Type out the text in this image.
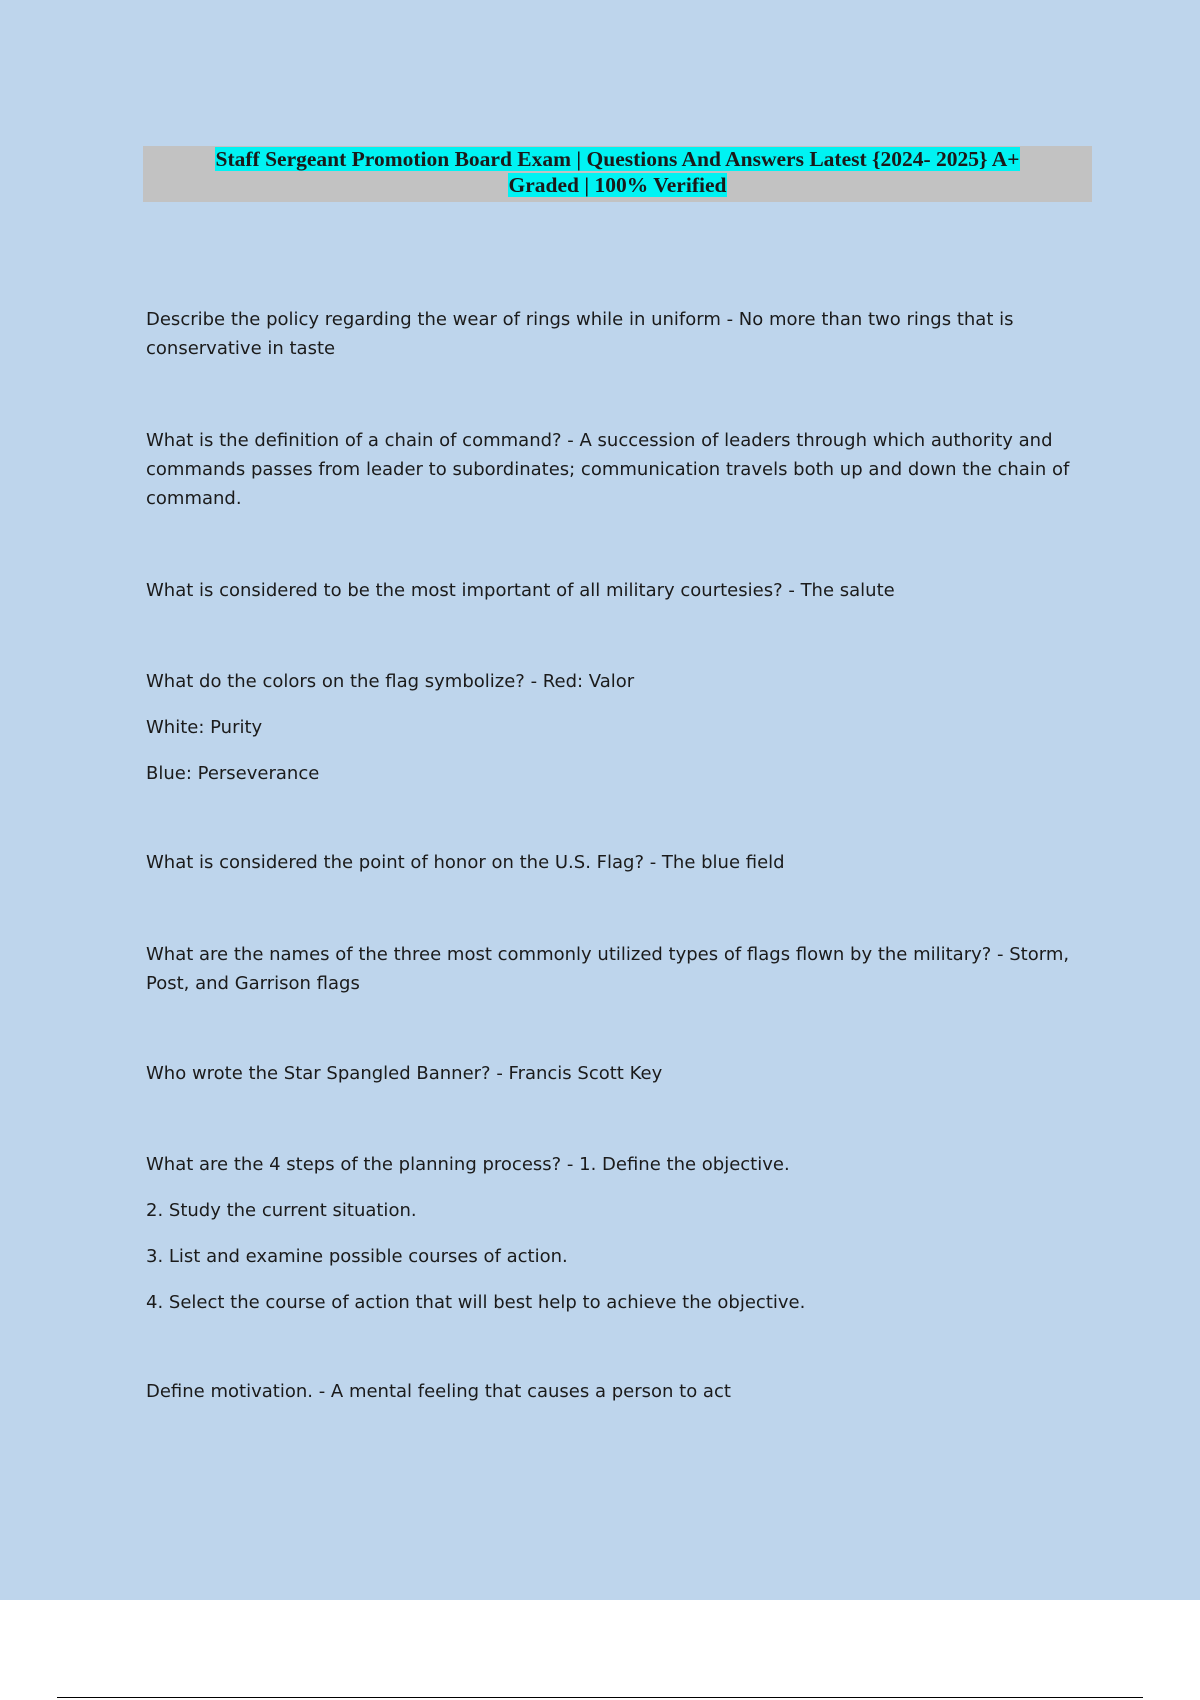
Staff Sergeant Promotion Board Exam | Questions And Answers Latest {2024- 2025} A+
Graded | 100% Verified

Describe the policy regarding the wear of rings while in uniform - No more than two rings that is conservative in taste

What is the definition of a chain of command? - A succession of leaders through which authority and commands passes from leader to subordinates; communication travels both up and down the chain of command.

What is considered to be the most important of all military courtesies? - The salute

What do the colors on the flag symbolize? - Red: Valor

White: Purity

Blue: Perseverance

What is considered the point of honor on the U.S. Flag? - The blue field

What are the names of the three most commonly utilized types of flags flown by the military? - Storm, Post, and Garrison flags

Who wrote the Star Spangled Banner? - Francis Scott Key

What are the 4 steps of the planning process? - 1. Define the objective.

2. Study the current situation.

3. List and examine possible courses of action.

4. Select the course of action that will best help to achieve the objective.

Define motivation. - A mental feeling that causes a person to act
